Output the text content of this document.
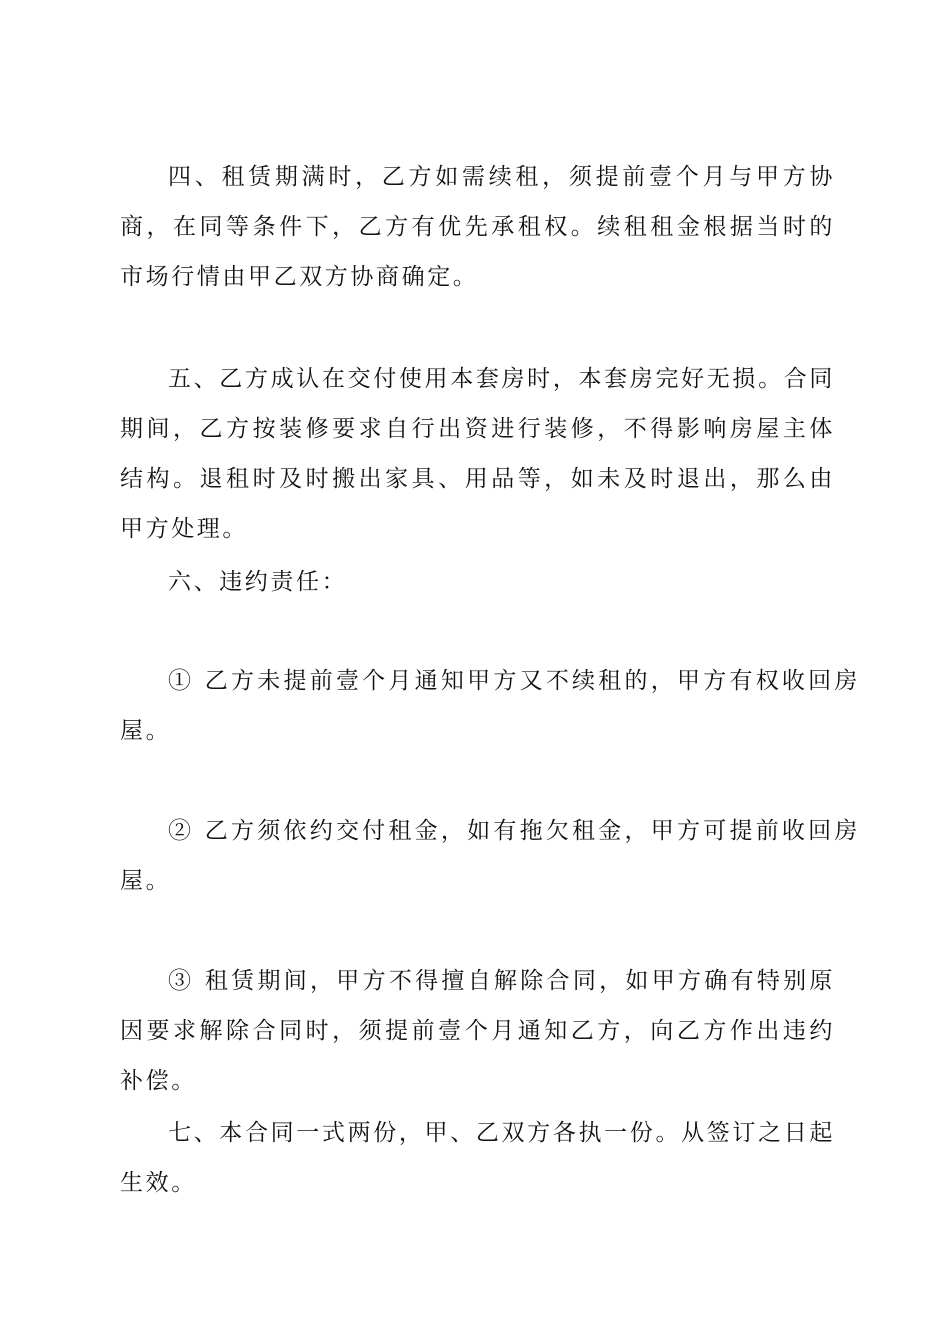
四、租赁期满时，乙方如需续租，须提前壹个月与甲方协商，在同等条件下，乙方有优先承租权。续租租金根据当时的市场行情由甲乙双方协商确定。

五、乙方成认在交付使用本套房时，本套房完好无损。合同期间，乙方按装修要求自行出资进行装修，不得影响房屋主体结构。退租时及时搬出家具、用品等，如未及时退出，那么由甲方处理。

六、违约责任：

① 乙方未提前壹个月通知甲方又不续租的，甲方有权收回房屋。

② 乙方须依约交付租金，如有拖欠租金，甲方可提前收回房屋。

③ 租赁期间，甲方不得擅自解除合同，如甲方确有特别原因要求解除合同时，须提前壹个月通知乙方，向乙方作出违约补偿。

七、本合同一式两份，甲、乙双方各执一份。从签订之日起生效。
